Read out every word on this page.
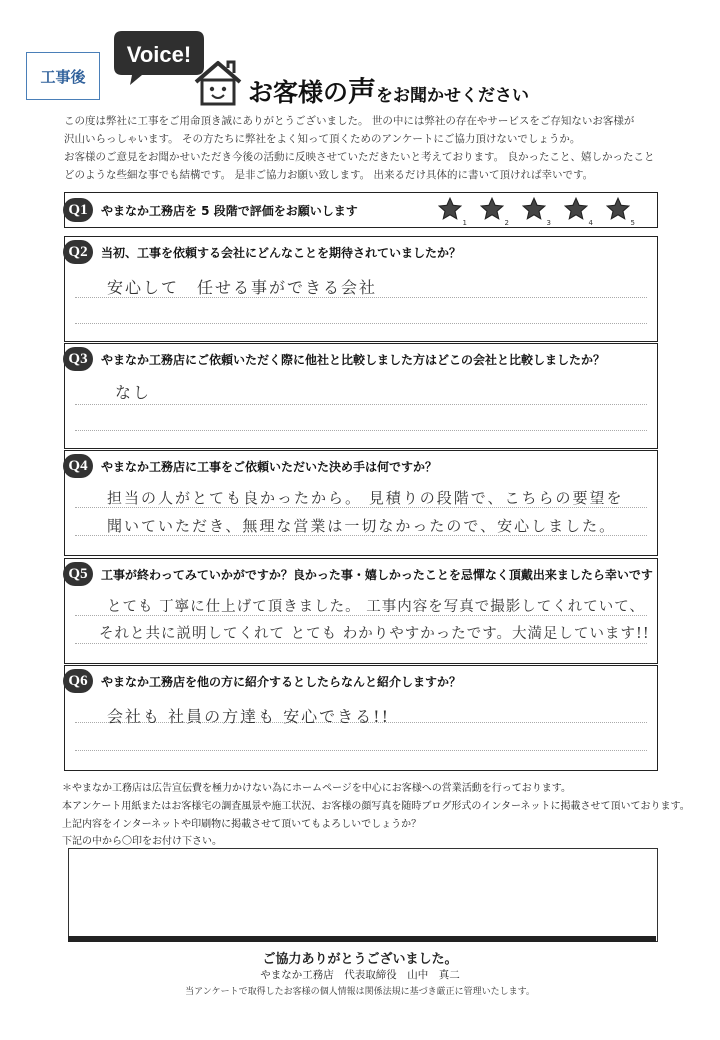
工事後
Voice!
お客様の声をお聞かせください
この度は弊社に工事をご用命頂き誠にありがとうございました。 世の中には弊社の存在やサービスをご存知ないお客様が
沢山いらっしゃいます。 その方たちに弊社をよく知って頂くためのアンケートにご協力頂けないでしょうか。
お客様のご意見をお聞かせいただき今後の活動に反映させていただきたいと考えております。 良かったこと、嬉しかったこと
どのような些細な事でも結構です。 是非ご協力お願い致します。 出来るだけ具体的に書いて頂ければ幸いです。
Q1	やまなか工務店を 5 段階で評価をお願いします
1	2	3	4	5
Q2	当初、工事を依頼する会社にどんなことを期待されていましたか？
安心して　任せる事ができる会社
Q3	やまなか工務店にご依頼いただく際に他社と比較しました方はどこの会社と比較しましたか？
なし
Q4	やまなか工務店に工事をご依頼いただいた決め手は何ですか？
担当の人がとても良かったから。 見積りの段階で、こちらの要望を
聞いていただき、無理な営業は一切なかったので、安心しました。
Q5	工事が終わってみていかがですか？良かった事・嬉しかったことを忌憚なく頂戴出来ましたら幸いです
とても 丁寧に仕上げて頂きました。 工事内容を写真で撮影してくれていて、
それと共に説明してくれて とても わかりやすかったです。大満足しています!!
Q6	やまなか工務店を他の方に紹介するとしたらなんと紹介しますか？
会社も 社員の方達も 安心できる!!
＊やまなか工務店は広告宣伝費を極力かけない為にホームページを中心にお客様への営業活動を行っております。
本アンケート用紙またはお客様宅の調査風景や施工状況、お客様の顔写真を随時ブログ形式のインターネットに掲載させて頂いております。
上記内容をインターネットや印刷物に掲載させて頂いてもよろしいでしょうか？
下記の中から〇印をお付け下さい。
ご協力ありがとうございました。
やまなか工務店　代表取締役　山中　真二
当アンケートで取得したお客様の個人情報は関係法規に基づき厳正に管理いたします。
